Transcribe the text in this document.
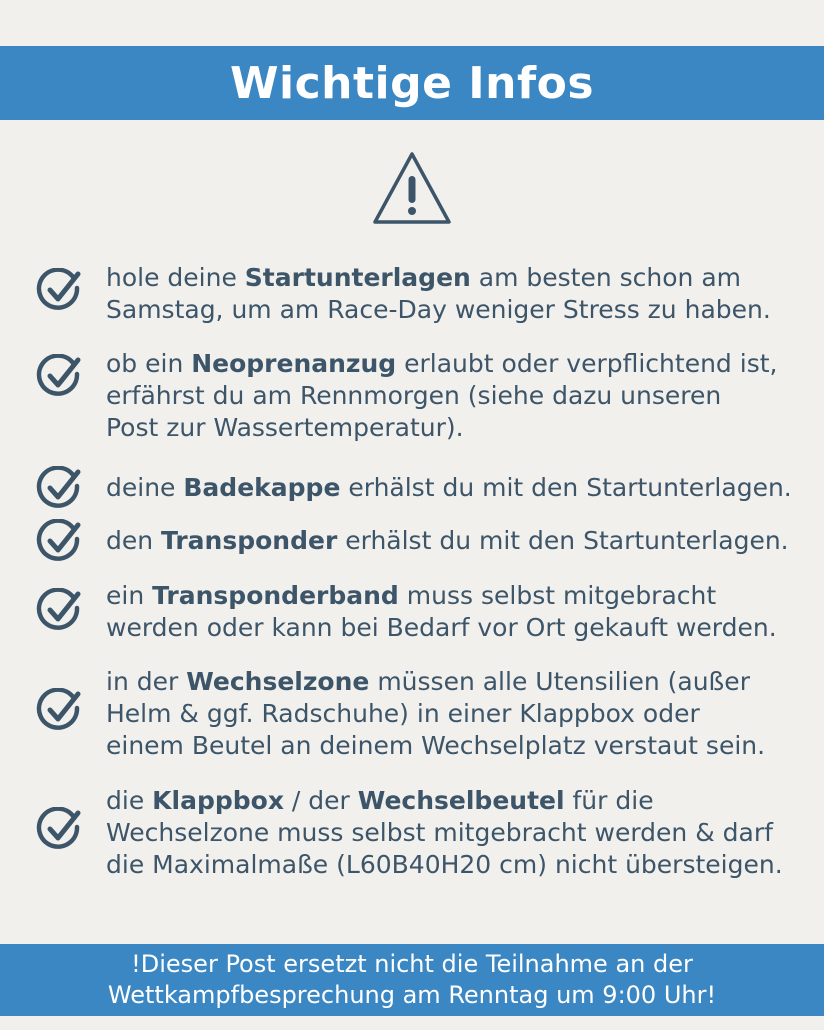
Wichtige Infos
hole deine Startunterlagen am besten schon am
Samstag, um am Race-Day weniger Stress zu haben.
ob ein Neoprenanzug erlaubt oder verpflichtend ist,
erfährst du am Rennmorgen (siehe dazu unseren
Post zur Wassertemperatur).
deine Badekappe erhälst du mit den Startunterlagen.
den Transponder erhälst du mit den Startunterlagen.
ein Transponderband muss selbst mitgebracht
werden oder kann bei Bedarf vor Ort gekauft werden.
in der Wechselzone müssen alle Utensilien (außer
Helm & ggf. Radschuhe) in einer Klappbox oder
einem Beutel an deinem Wechselplatz verstaut sein.
die Klappbox / der Wechselbeutel für die
Wechselzone muss selbst mitgebracht werden & darf
die Maximalmaße (L60B40H20 cm) nicht übersteigen.
!Dieser Post ersetzt nicht die Teilnahme an der
Wettkampfbesprechung am Renntag um 9:00 Uhr!
